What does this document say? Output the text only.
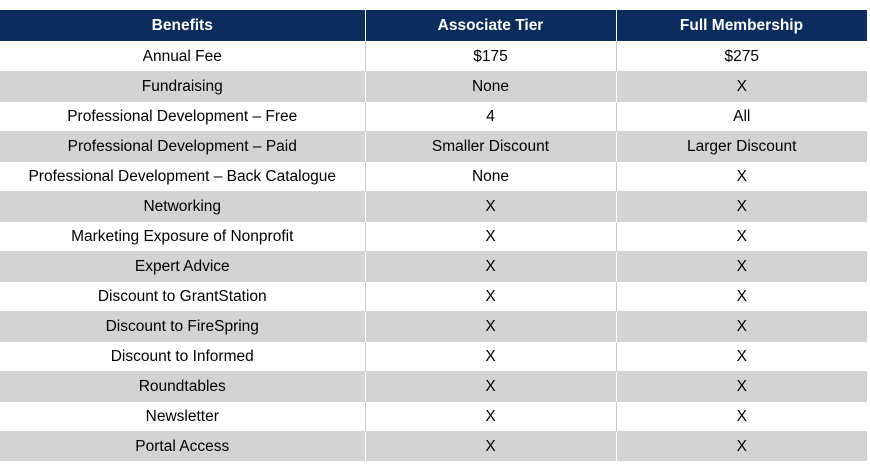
Benefits	Associate Tier	Full Membership
Annual Fee	$175	$275
Fundraising	None	X
Professional Development – Free	4	All
Professional Development – Paid	Smaller Discount	Larger Discount
Professional Development – Back Catalogue	None	X
Networking	X	X
Marketing Exposure of Nonprofit	X	X
Expert Advice	X	X
Discount to GrantStation	X	X
Discount to FireSpring	X	X
Discount to Informed	X	X
Roundtables	X	X
Newsletter	X	X
Portal Access	X	X
